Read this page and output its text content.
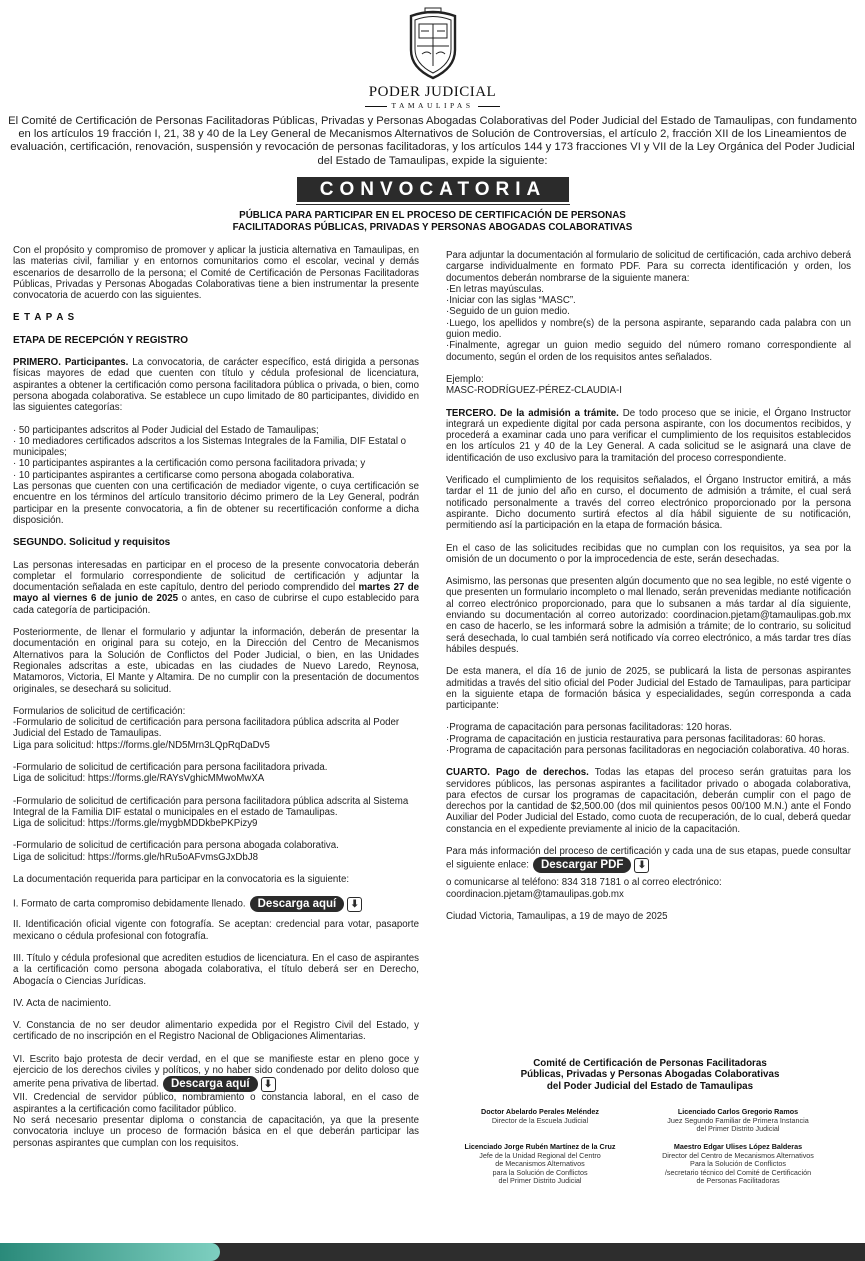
PODER JUDICIAL
TAMAULIPAS
El Comité de Certificación de Personas Facilitadoras Públicas, Privadas y Personas Abogadas Colaborativas del Poder Judicial del Estado de Tamaulipas, con fundamento en los artículos 19 fracción I, 21, 38 y 40 de la Ley General de Mecanismos Alternativos de Solución de Controversias, el artículo 2, fracción XII de los Lineamientos de evaluación, certificación, renovación, suspensión y revocación de personas facilitadoras, y los artículos 144 y 173 fracciones VI y VII de la Ley Orgánica del Poder Judicial del Estado de Tamaulipas, expide la siguiente:
CONVOCATORIA
PÚBLICA PARA PARTICIPAR EN EL PROCESO DE CERTIFICACIÓN DE PERSONAS
FACILITADORAS PÚBLICAS, PRIVADAS Y PERSONAS ABOGADAS COLABORATIVAS

Con el propósito y compromiso de promover y aplicar la justicia alternativa en Tamaulipas, en las materias civil, familiar y en entornos comunitarios como el escolar, vecinal y demás escenarios de desarrollo de la persona; el Comité de Certificación de Personas Facilitadoras Públicas, Privadas y Personas Abogadas Colaborativas tiene a bien instrumentar la presente convocatoria de acuerdo con las siguientes.

E T A P A S

ETAPA DE RECEPCIÓN Y REGISTRO

PRIMERO. Participantes. La convocatoria, de carácter específico, está dirigida a personas físicas mayores de edad que cuenten con título y cédula profesional de licenciatura, aspirantes a obtener la certificación como persona facilitadora pública o privada, o bien, como persona abogada colaborativa. Se establece un cupo limitado de 80 participantes, dividido en las siguientes categorías:

· 50 participantes adscritos al Poder Judicial del Estado de Tamaulipas;

· 10 mediadores certificados adscritos a los Sistemas Integrales de la Familia, DIF Estatal o municipales;

· 10 participantes aspirantes a la certificación como persona facilitadora privada; y

· 10 participantes aspirantes a certificarse como persona abogada colaborativa.

Las personas que cuenten con una certificación de mediador vigente, o cuya certificación se encuentre en los términos del artículo transitorio décimo primero de la Ley General, podrán participar en la presente convocatoria, a fin de obtener su recertificación conforme a dicha disposición.

SEGUNDO. Solicitud y requisitos

Las personas interesadas en participar en el proceso de la presente convocatoria deberán completar el formulario correspondiente de solicitud de certificación y adjuntar la documentación señalada en este capítulo, dentro del periodo comprendido del martes 27 de mayo al viernes 6 de junio de 2025 o antes, en caso de cubrirse el cupo establecido para cada categoría de participación.

Posteriormente, de llenar el formulario y adjuntar la información, deberán de presentar la documentación en original para su cotejo, en la Dirección del Centro de Mecanismos Alternativos para la Solución de Conflictos del Poder Judicial, o bien, en las Unidades Regionales adscritas a este, ubicadas en las ciudades de Nuevo Laredo, Reynosa, Matamoros, Victoria, El Mante y Altamira. De no cumplir con la presentación de documentos originales, se desechará su solicitud.

Formularios de solicitud de certificación:

-Formulario de solicitud de certificación para persona facilitadora pública adscrita al Poder Judicial del Estado de Tamaulipas.

Liga para solicitud: https://forms.gle/ND5Mrn3LQpRqDaDv5

-Formulario de solicitud de certificación para persona facilitadora privada.

Liga de solicitud: https://forms.gle/RAYsVghicMMwoMwXA

-Formulario de solicitud de certificación para persona facilitadora pública adscrita al Sistema Integral de la Familia DIF estatal o municipales en el estado de Tamaulipas.

Liga de solicitud: https://forms.gle/mygbMDDkbePKPizy9

-Formulario de solicitud de certificación para persona abogada colaborativa.

Liga de solicitud: https://forms.gle/hRu5oAFvmsGJxDbJ8

La documentación requerida para participar en la convocatoria es la siguiente:

I. Formato de carta compromiso debidamente llenado. Descarga aquí ⬇

II. Identificación oficial vigente con fotografía. Se aceptan: credencial para votar, pasaporte mexicano o cédula profesional con fotografía.

III. Título y cédula profesional que acrediten estudios de licenciatura. En el caso de aspirantes a la certificación como persona abogada colaborativa, el título deberá ser en Derecho, Abogacía o Ciencias Jurídicas.

IV. Acta de nacimiento.

V. Constancia de no ser deudor alimentario expedida por el Registro Civil del Estado, y certificado de no inscripción en el Registro Nacional de Obligaciones Alimentarias.

VI. Escrito bajo protesta de decir verdad, en el que se manifieste estar en pleno goce y ejercicio de los derechos civiles y políticos, y no haber sido condenado por delito doloso que amerite pena privativa de libertad. Descarga aquí ⬇

VII. Credencial de servidor público, nombramiento o constancia laboral, en el caso de aspirantes a la certificación como facilitador público.

No será necesario presentar diploma o constancia de capacitación, ya que la presente convocatoria incluye un proceso de formación básica en el que deberán participar las personas aspirantes que cumplan con los requisitos.

Para adjuntar la documentación al formulario de solicitud de certificación, cada archivo deberá cargarse individualmente en formato PDF. Para su correcta identificación y orden, los documentos deberán nombrarse de la siguiente manera:

·En letras mayúsculas.

·Iniciar con las siglas “MASC”.

·Seguido de un guion medio.

·Luego, los apellidos y nombre(s) de la persona aspirante, separando cada palabra con un guion medio.

·Finalmente, agregar un guion medio seguido del número romano correspondiente al documento, según el orden de los requisitos antes señalados.

Ejemplo:

MASC-RODRÍGUEZ-PÉREZ-CLAUDIA-I

TERCERO. De la admisión a trámite. De todo proceso que se inicie, el Órgano Instructor integrará un expediente digital por cada persona aspirante, con los documentos recibidos, y procederá a examinar cada uno para verificar el cumplimiento de los requisitos establecidos en los artículos 21 y 40 de la Ley General. A cada solicitud se le asignará una clave de identificación de uso exclusivo para la tramitación del proceso correspondiente.

Verificado el cumplimiento de los requisitos señalados, el Órgano Instructor emitirá, a más tardar el 11 de junio del año en curso, el documento de admisión a trámite, el cual será notificado personalmente a través del correo electrónico proporcionado por la persona aspirante. Dicho documento surtirá efectos al día hábil siguiente de su notificación, permitiendo así la participación en la etapa de formación básica.

En el caso de las solicitudes recibidas que no cumplan con los requisitos, ya sea por la omisión de un documento o por la improcedencia de este, serán desechadas.

Asimismo, las personas que presenten algún documento que no sea legible, no esté vigente o que presenten un formulario incompleto o mal llenado, serán prevenidas mediante notificación al correo electrónico proporcionado, para que lo subsanen a más tardar al día siguiente, enviando su documentación al correo autorizado: coordinacion.pjetam@tamaulipas.gob.mx en caso de hacerlo, se les informará sobre la admisión a trámite; de lo contrario, su solicitud será desechada, lo cual también será notificado vía correo electrónico, a más tardar tres días hábiles después.

De esta manera, el día 16 de junio de 2025, se publicará la lista de personas aspirantes admitidas a través del sitio oficial del Poder Judicial del Estado de Tamaulipas, para participar en la siguiente etapa de formación básica y especialidades, según corresponda a cada participante:

·Programa de capacitación para personas facilitadoras: 120 horas.

·Programa de capacitación en justicia restaurativa para personas facilitadoras: 60 horas.

·Programa de capacitación para personas facilitadoras en negociación colaborativa. 40 horas.

CUARTO. Pago de derechos. Todas las etapas del proceso serán gratuitas para los servidores públicos, las personas aspirantes a facilitador privado o abogada colaborativa, para efectos de cursar los programas de capacitación, deberán cumplir con el pago de derechos por la cantidad de $2,500.00 (dos mil quinientos pesos 00/100 M.N.) ante el Fondo Auxiliar del Poder Judicial del Estado, como cuota de recuperación, de lo cual, deberá quedar constancia en el expediente previamente al inicio de la capacitación.

Para más información del proceso de certificación y cada una de sus etapas, puede consultar el siguiente enlace: Descargar PDF ⬇

o comunicarse al teléfono: 834 318 7181 o al correo electrónico:

coordinacion.pjetam@tamaulipas.gob.mx

Ciudad Victoria, Tamaulipas, a 19 de mayo de 2025

Comité de Certificación de Personas Facilitadoras
Públicas, Privadas y Personas Abogadas Colaborativas
del Poder Judicial del Estado de Tamaulipas
Doctor Abelardo Perales Meléndez
Director de la Escuela Judicial
Licenciado Carlos Gregorio Ramos
Juez Segundo Familiar de Primera Instancia
del Primer Distrito Judicial
Licenciado Jorge Rubén Martínez de la Cruz
Jefe de la Unidad Regional del Centro
de Mecanismos Alternativos
para la Solución de Conflictos
del Primer Distrito Judicial
Maestro Edgar Ulises López Balderas
Director del Centro de Mecanismos Alternativos
Para la Solución de Conflictos
/secretario técnico del Comité de Certificación
de Personas Facilitadoras
